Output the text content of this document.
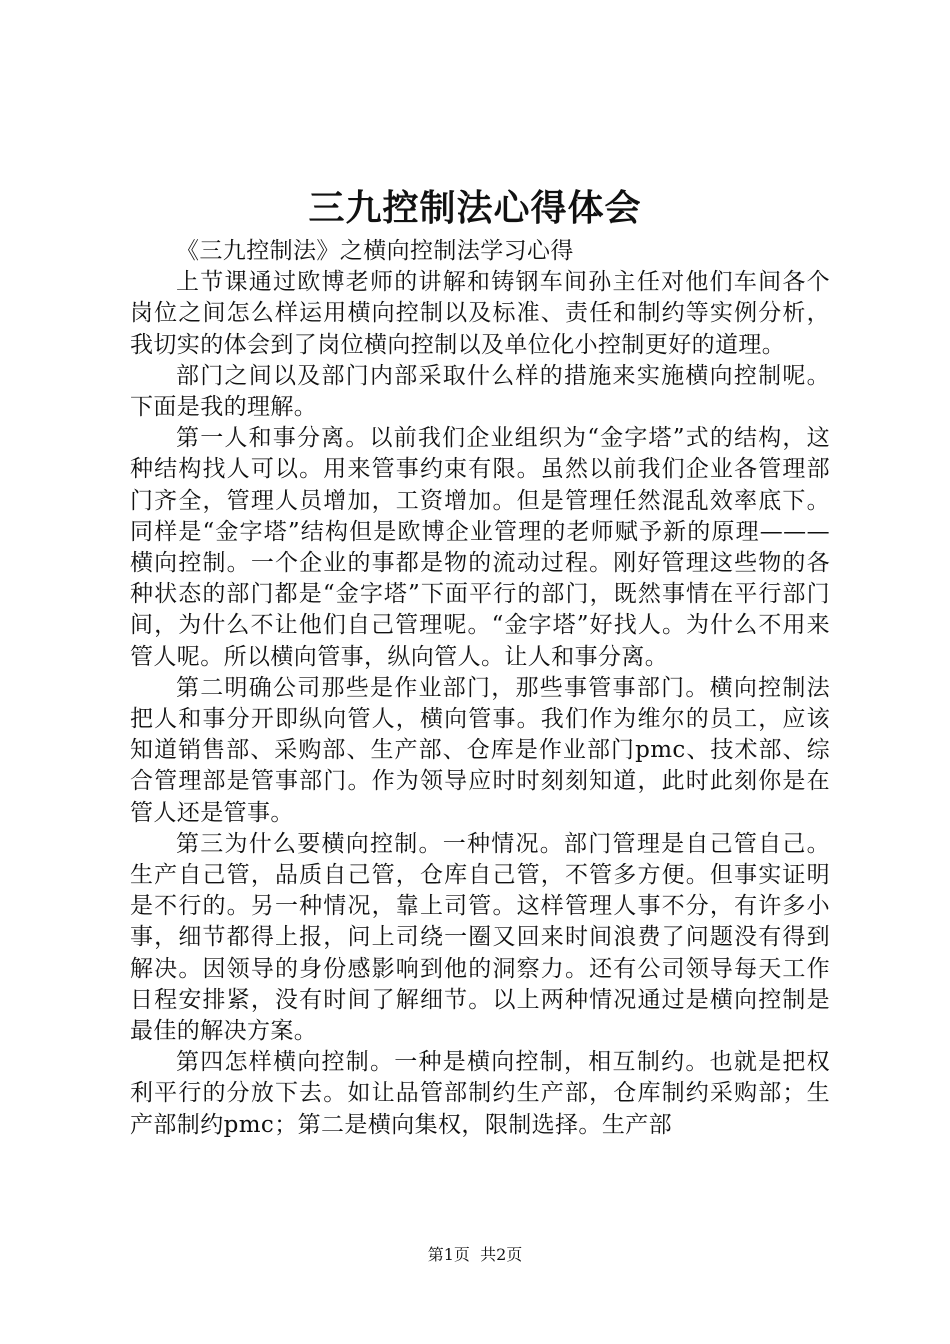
三九控制法心得体会

《三九控制法》之横向控制法学习心得

上节课通过欧博老师的讲解和铸钢车间孙主任对他们车间各个岗位之间怎么样运用横向控制以及标准、责任和制约等实例分析，我切实的体会到了岗位横向控制以及单位化小控制更好的道理。

部门之间以及部门内部采取什么样的措施来实施横向控制呢。下面是我的理解。

第一人和事分离。以前我们企业组织为“金字塔”式的结构，这种结构找人可以。用来管事约束有限。虽然以前我们企业各管理部门齐全，管理人员增加，工资增加。但是管理任然混乱效率底下。同样是“金字塔”结构但是欧博企业管理的老师赋予新的原理———横向控制。一个企业的事都是物的流动过程。刚好管理这些物的各种状态的部门都是“金字塔”下面平行的部门，既然事情在平行部门间，为什么不让他们自己管理呢。“金字塔”好找人。为什么不用来管人呢。所以横向管事，纵向管人。让人和事分离。

第二明确公司那些是作业部门，那些事管事部门。横向控制法把人和事分开即纵向管人，横向管事。我们作为维尔的员工，应该知道销售部、采购部、生产部、仓库是作业部门pmc、技术部、综合管理部是管事部门。作为领导应时时刻刻知道，此时此刻你是在管人还是管事。

第三为什么要横向控制。一种情况。部门管理是自己管自己。生产自己管，品质自己管，仓库自己管，不管多方便。但事实证明是不行的。另一种情况，靠上司管。这样管理人事不分，有许多小事，细节都得上报，问上司绕一圈又回来时间浪费了问题没有得到解决。因领导的身份感影响到他的洞察力。还有公司领导每天工作日程安排紧，没有时间了解细节。以上两种情况通过是横向控制是最佳的解决方案。

第四怎样横向控制。一种是横向控制，相互制约。也就是把权利平行的分放下去。如让品管部制约生产部，仓库制约采购部；生产部制约pmc；第二是横向集权，限制选择。生产部

第1页  共2页
